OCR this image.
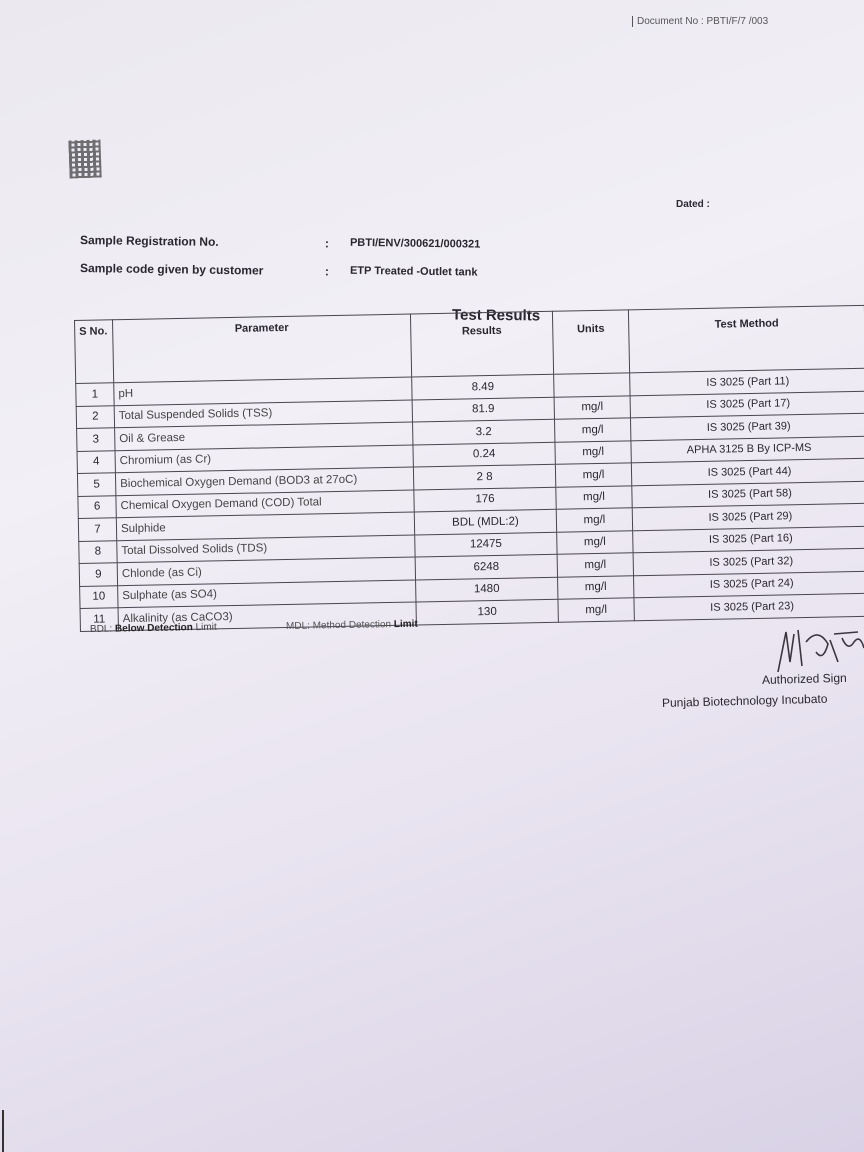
Document No : PBTI/F/7 /003
Dated :
Sample Registration No.	: PBTI/ENV/300621/000321
Sample code given by customer	: ETP Treated -Outlet tank
Test Results
S No.	Parameter	Results	Units	Test Method
1	pH	8.49		IS 3025 (Part 11)
2	Total Suspended Solids (TSS)	81.9	mg/l	IS 3025 (Part 17)
3	Oil & Grease	3.2	mg/l	IS 3025 (Part 39)
4	Chromium (as Cr)	0.24	mg/l	APHA 3125 B By ICP-MS
5	Biochemical Oxygen Demand (BOD3 at 27oC)	2 8	mg/l	IS 3025 (Part 44)
6	Chemical Oxygen Demand (COD) Total	176	mg/l	IS 3025 (Part 58)
7	Sulphide	BDL (MDL:2)	mg/l	IS 3025 (Part 29)
8	Total Dissolved Solids (TDS)	12475	mg/l	IS 3025 (Part 16)
9	Chlonde (as Ci)	6248	mg/l	IS 3025 (Part 32)
10	Sulphate (as SO4)	1480	mg/l	IS 3025 (Part 24)
11	Alkalinity (as CaCO3)	130	mg/l	IS 3025 (Part 23)
BDL: Below Detection Limit	MDL: Method Detection Limit
Authorized Sign
Punjab Biotechnology Incubato
